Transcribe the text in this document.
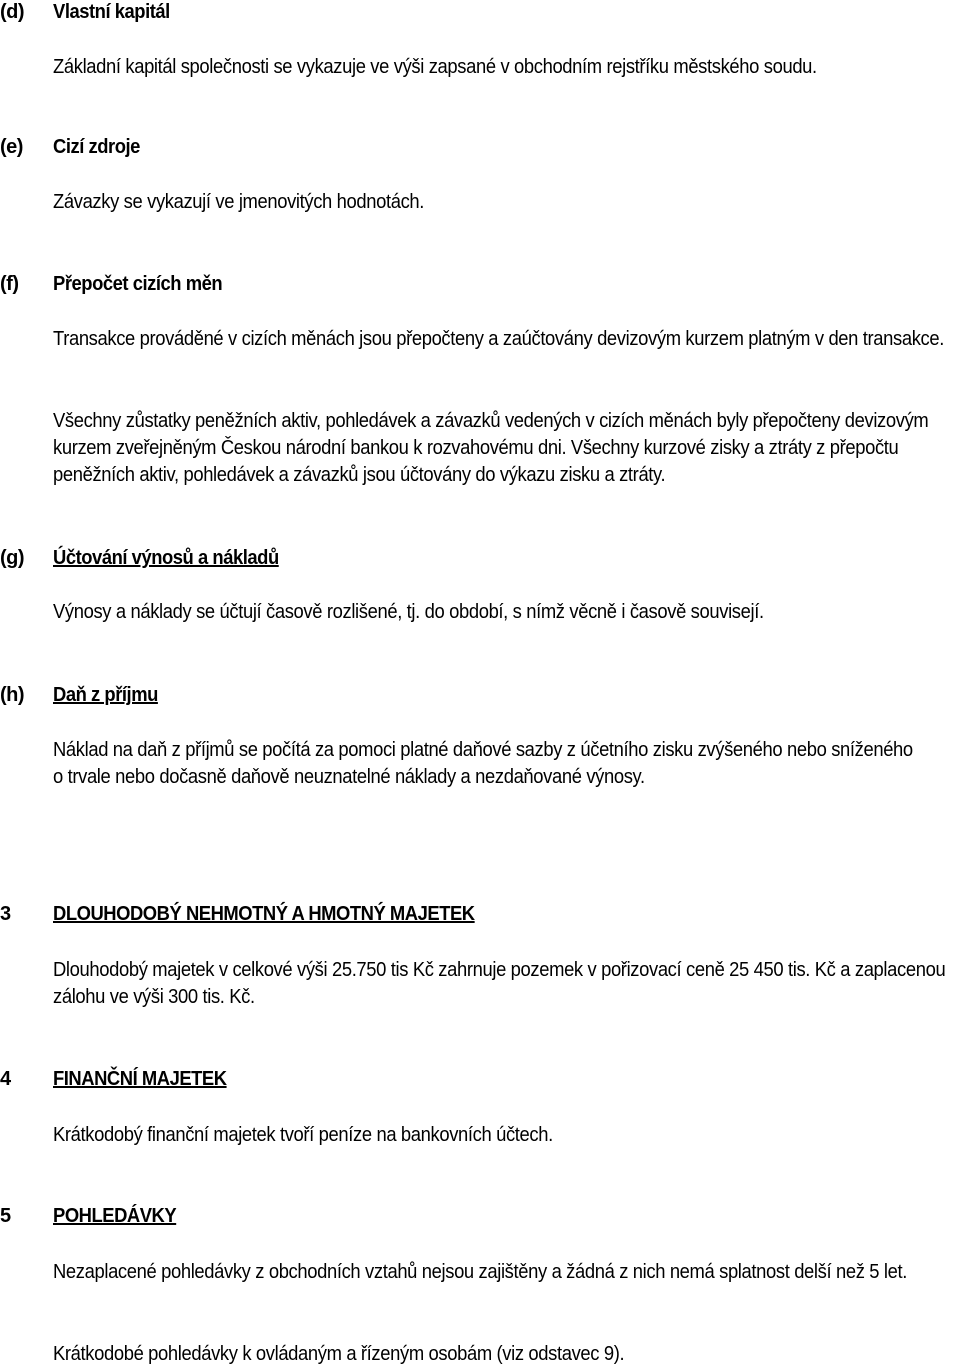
(d) Vlastní kapitál
Základní kapitál společnosti se vykazuje ve výši zapsané v obchodním rejstříku městského soudu.
(e) Cizí zdroje
Závazky se vykazují ve jmenovitých hodnotách.
(f) Přepočet cizích měn
Transakce prováděné v cizích měnách jsou přepočteny a zaúčtovány devizovým kurzem platným v den transakce.
Všechny zůstatky peněžních aktiv, pohledávek a závazků vedených v cizích měnách byly přepočteny devizovým kurzem zveřejněným Českou národní bankou k rozvahovému dni. Všechny kurzové zisky a ztráty z přepočtu peněžních aktiv, pohledávek a závazků jsou účtovány do výkazu zisku a ztráty.
(g) Účtování výnosů a nákladů
Výnosy a náklady se účtují časově rozlišené, tj. do období, s nímž věcně i časově souvisejí.
(h) Daň z příjmu
Náklad na daň z příjmů se počítá za pomoci platné daňové sazby z účetního zisku zvýšeného nebo sníženého o trvale nebo dočasně daňově neuznatelné náklady a nezdaňované výnosy.
3 DLOUHODOBÝ NEHMOTNÝ A HMOTNÝ MAJETEK
Dlouhodobý majetek v celkové výši 25.750 tis Kč zahrnuje pozemek v pořizovací ceně 25 450 tis. Kč a zaplacenou zálohu ve výši 300 tis. Kč.
4 FINANČNÍ MAJETEK
Krátkodobý finanční majetek tvoří peníze na bankovních účtech.
5 POHLEDÁVKY
Nezaplacené pohledávky z obchodních vztahů nejsou zajištěny a žádná z nich nemá splatnost delší než 5 let.
Krátkodobé pohledávky k ovládaným a řízeným osobám (viz odstavec 9).
